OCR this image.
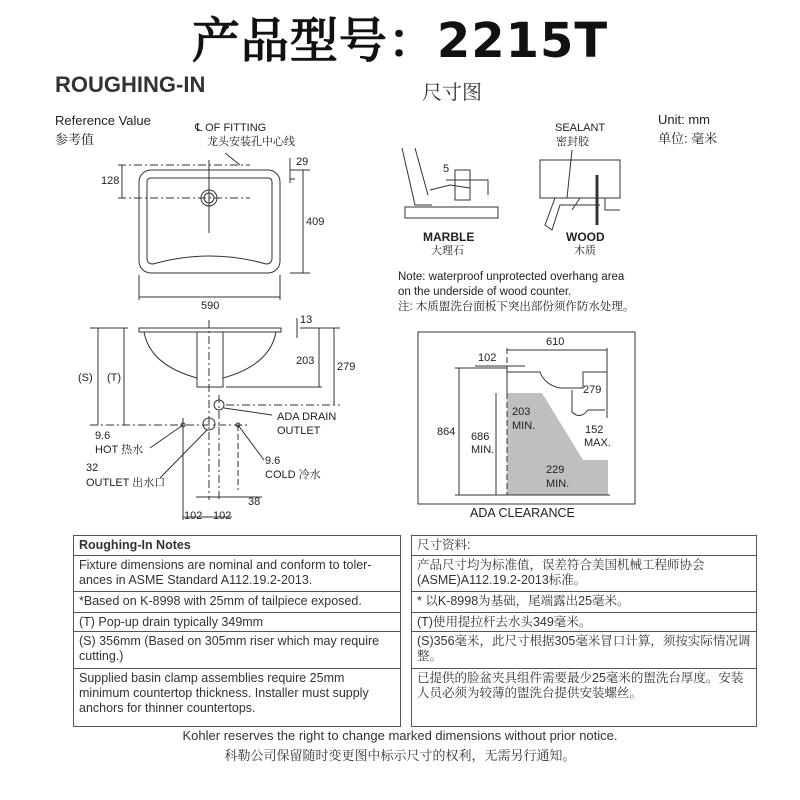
产品型号：2215T
ROUGHING-IN	尺寸图
Reference Value
参考值
℄ OF FITTING
龙头安装孔中心线
128
29
409
590
13
203 279
(S) (T)
ADA DRAIN
OUTLET
9.6
HOT 热水
32
OUTLET 出水口
9.6
COLD 冷水
38
102 102
Unit: mm
单位: 毫米
SEALANT
密封胶
5
MARBLE
大理石
WOOD
木质
Note: waterproof unprotected overhang area
on the underside of wood counter.
注: 木质盥洗台面板下突出部份须作防水处理。
610
102
279
864 686
MIN.
203
MIN.	152
MAX.
229
MIN.
ADA CLEARANCE
Roughing-In Notes
Fixture dimensions are nominal and conform to toler-ances in ASME Standard A112.19.2-2013.
*Based on K-8998 with 25mm of tailpiece exposed.
(T) Pop-up drain typically 349mm
(S) 356mm (Based on 305mm riser which may require cutting.)
Supplied basin clamp assemblies require 25mm minimum countertop thickness. Installer must supply anchors for thinner countertops.
尺寸资料:
产品尺寸均为标准值，误差符合美国机械工程师协会(ASME)A112.19.2-2013标准。
* 以K-8998为基础，尾端露出25毫米。
(T)使用提拉杆去水头349毫米。
(S)356毫米，此尺寸根据305毫米冒口计算，须按实际情况调整。
已提供的脸盆夹具组件需要最少25毫米的盥洗台厚度。安装人员必须为较薄的盥洗台提供安装螺丝。
Kohler reserves the right to change marked dimensions without prior notice.
科勒公司保留随时变更图中标示尺寸的权利，无需另行通知。
